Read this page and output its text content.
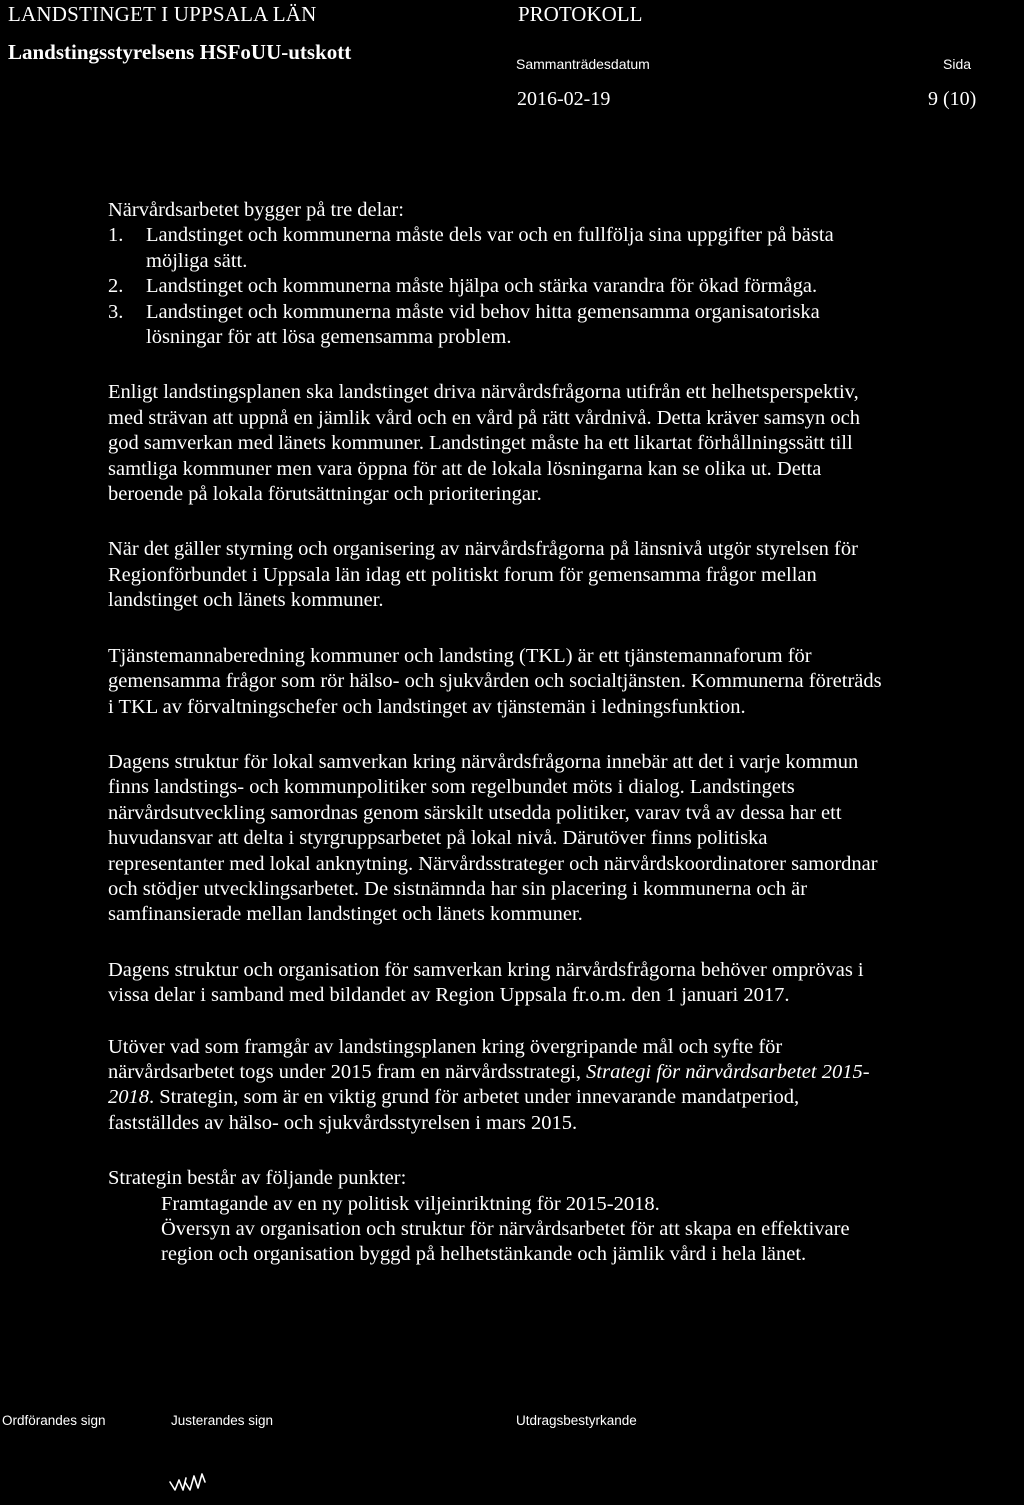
LANDSTINGET I UPPSALA LÄN
Landstingsstyrelsens HSFoUU-utskott
PROTOKOLL
Sammanträdesdatum	Sida
2016-02-19	9 (10)

Närvårdsarbetet bygger på tre delar:

1.	Landstinget och kommunerna måste dels var och en fullfölja sina uppgifter på bästa
möjliga sätt.
2.	Landstinget och kommunerna måste hjälpa och stärka varandra för ökad förmåga.
3.	Landstinget och kommunerna måste vid behov hitta gemensamma organisatoriska
lösningar för att lösa gemensamma problem.

Enligt landstingsplanen ska landstinget driva närvårdsfrågorna utifrån ett helhetsperspektiv,

med strävan att uppnå en jämlik vård och en vård på rätt vårdnivå. Detta kräver samsyn och

god samverkan med länets kommuner. Landstinget måste ha ett likartat förhållningssätt till

samtliga kommuner men vara öppna för att de lokala lösningarna kan se olika ut. Detta

beroende på lokala förutsättningar och prioriteringar.

När det gäller styrning och organisering av närvårdsfrågorna på länsnivå utgör styrelsen för

Regionförbundet i Uppsala län idag ett politiskt forum för gemensamma frågor mellan

landstinget och länets kommuner.

Tjänstemannaberedning kommuner och landsting (TKL) är ett tjänstemannaforum för

gemensamma frågor som rör hälso- och sjukvården och socialtjänsten. Kommunerna företräds

i TKL av förvaltningschefer och landstinget av tjänstemän i ledningsfunktion.

Dagens struktur för lokal samverkan kring närvårdsfrågorna innebär att det i varje kommun

finns landstings- och kommunpolitiker som regelbundet möts i dialog. Landstingets

närvårdsutveckling samordnas genom särskilt utsedda politiker, varav två av dessa har ett

huvudansvar att delta i styrgruppsarbetet på lokal nivå. Därutöver finns politiska

representanter med lokal anknytning. Närvårdsstrateger och närvårdskoordinatorer samordnar

och stödjer utvecklingsarbetet. De sistnämnda har sin placering i kommunerna och är

samfinansierade mellan landstinget och länets kommuner.

Dagens struktur och organisation för samverkan kring närvårdsfrågorna behöver omprövas i

vissa delar i samband med bildandet av Region Uppsala fr.o.m. den 1 januari 2017.

Utöver vad som framgår av landstingsplanen kring övergripande mål och syfte för

närvårdsarbetet togs under 2015 fram en närvårdsstrategi, Strategi för närvårdsarbetet 2015-

2018. Strategin, som är en viktig grund för arbetet under innevarande mandatperiod,

fastställdes av hälso- och sjukvårdsstyrelsen i mars 2015.

Strategin består av följande punkter:

Framtagande av en ny politisk viljeinriktning för 2015-2018.

Översyn av organisation och struktur för närvårdsarbetet för att skapa en effektivare

region och organisation byggd på helhetstänkande och jämlik vård i hela länet.

Ordförandes sign	Justerandes sign	Utdragsbestyrkande
